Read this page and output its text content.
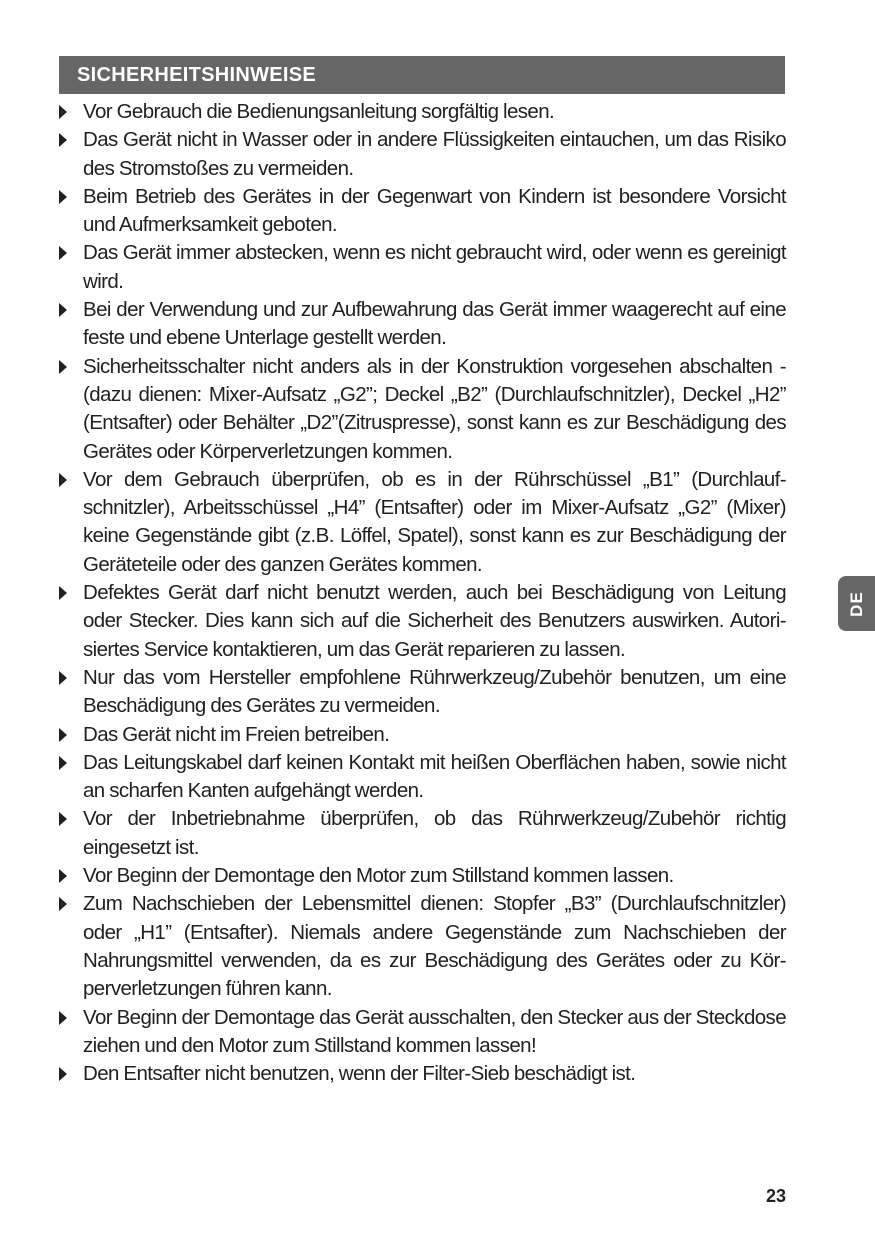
SICHERHEITSHINWEISE
Vor Gebrauch die Bedienungsanleitung sorgfältig lesen.
Das Gerät nicht in Wasser oder in andere Flüssigkeiten eintauchen, um das Risiko des Stromstoßes zu vermeiden.
Beim Betrieb des Gerätes in der Gegenwart von Kindern ist besondere Vorsicht und Aufmerksamkeit geboten.
Das Gerät immer abstecken, wenn es nicht gebraucht wird, oder wenn es gereinigt wird.
Bei der Verwendung und zur Aufbewahrung das Gerät immer waagerecht auf eine feste und ebene Unterlage gestellt werden.
Sicherheitsschalter nicht anders als in der Konstruktion vorgesehen abschalten - (dazu dienen: Mixer-Aufsatz „G2”; Deckel „B2” (Durchlaufschnitzler), Deckel „H2” (Entsafter) oder Behälter „D2”(Zitruspresse), sonst kann es zur Beschädigung des Gerätes oder Körperverletzungen kommen.
Vor dem Gebrauch überprüfen, ob es in der Rührschüssel „B1” (Durchlauf-schnitzler), Arbeitsschüssel „H4” (Entsafter) oder im Mixer-Aufsatz „G2” (Mixer) keine Gegenstände gibt (z.B. Löffel, Spatel), sonst kann es zur Beschädigung der Geräteteile oder des ganzen Gerätes kommen.
Defektes Gerät darf nicht benutzt werden, auch bei Beschädigung von Leitung oder Stecker. Dies kann sich auf die Sicherheit des Benutzers auswirken. Autori-siertes Service kontaktieren, um das Gerät reparieren zu lassen.
Nur das vom Hersteller empfohlene Rührwerkzeug/Zubehör benutzen, um eine Beschädigung des Gerätes zu vermeiden.
Das Gerät nicht im Freien betreiben.
Das Leitungskabel darf keinen Kontakt mit heißen Oberflächen haben, sowie nicht an scharfen Kanten aufgehängt werden.
Vor der Inbetriebnahme überprüfen, ob das Rührwerkzeug/Zubehör richtig eingesetzt ist.
Vor Beginn der Demontage den Motor zum Stillstand kommen lassen.
Zum Nachschieben der Lebensmittel dienen: Stopfer „B3” (Durchlaufschnitzler) oder „H1” (Entsafter). Niemals andere Gegenstände zum Nachschieben der Nahrungsmittel verwenden, da es zur Beschädigung des Gerätes oder zu Kör-perverletzungen führen kann.
Vor Beginn der Demontage das Gerät ausschalten, den Stecker aus der Steckdose ziehen und den Motor zum Stillstand kommen lassen!
Den Entsafter nicht benutzen, wenn der Filter-Sieb beschädigt ist.
DE
23
